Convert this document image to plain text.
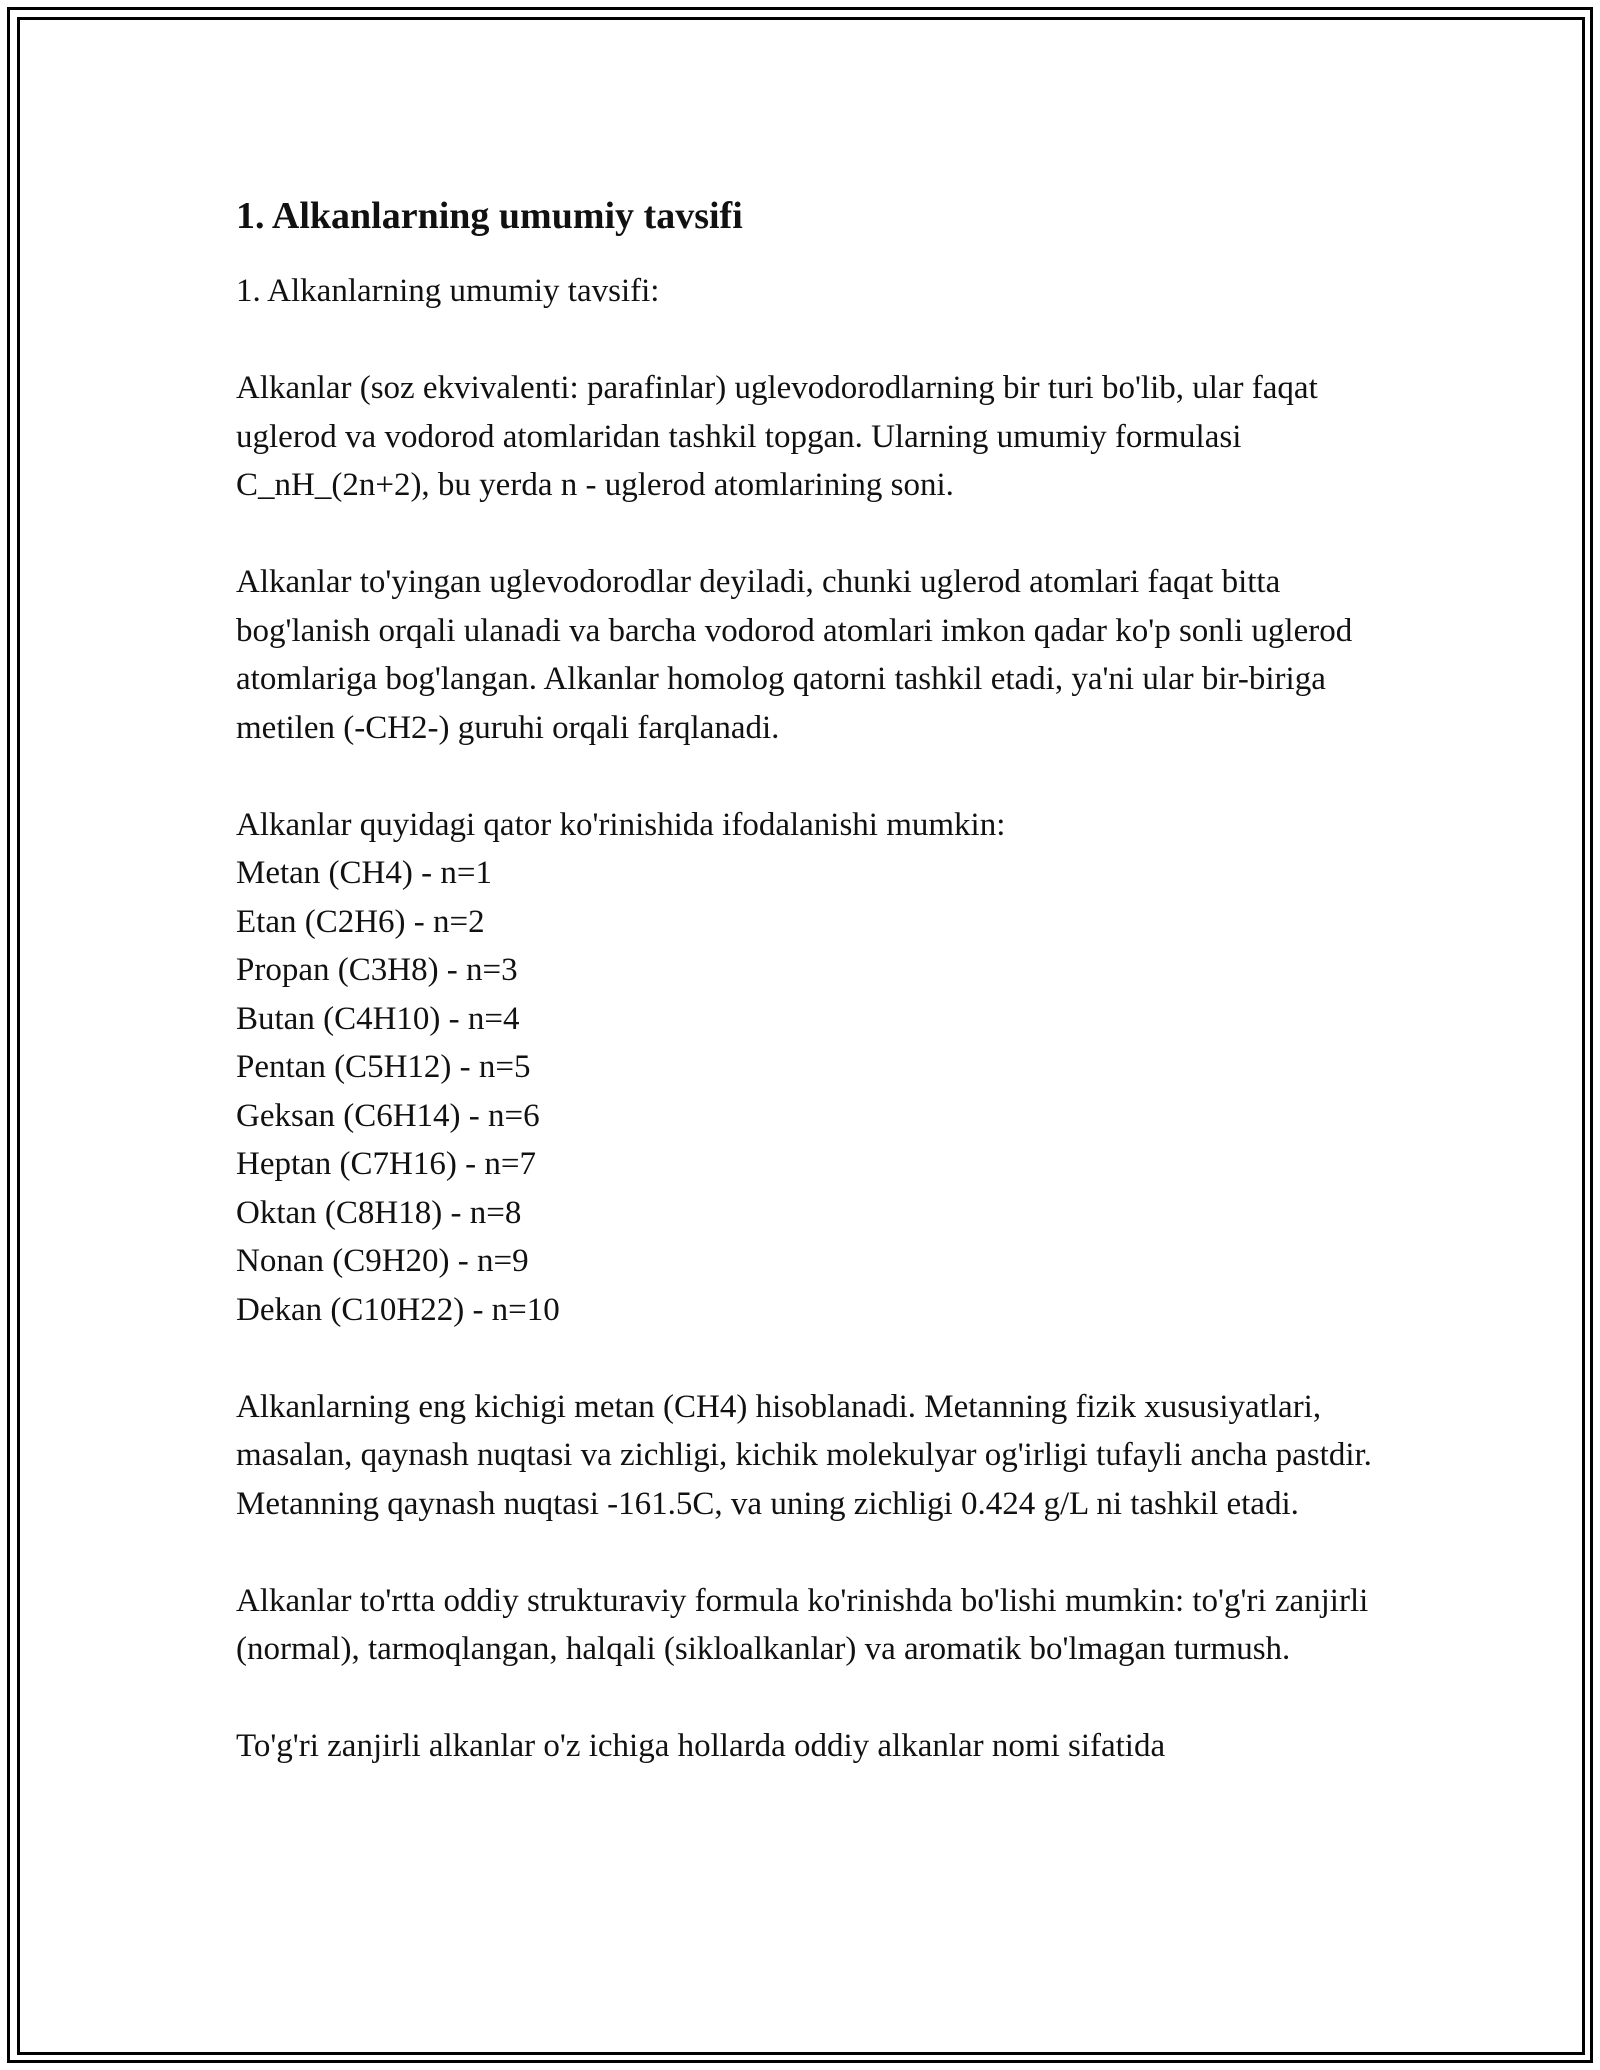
1. Alkanlarning umumiy tavsifi

1. Alkanlarning umumiy tavsifi:

Alkanlar (soz ekvivalenti: parafinlar) uglevodorodlarning bir turi bo'lib, ular faqat uglerod va vodorod atomlaridan tashkil topgan. Ularning umumiy formulasi C_nH_(2n+2), bu yerda n - uglerod atomlarining soni.

Alkanlar to'yingan uglevodorodlar deyiladi, chunki uglerod atomlari faqat bitta bog'lanish orqali ulanadi va barcha vodorod atomlari imkon qadar ko'p sonli uglerod atomlariga bog'langan. Alkanlar homolog qatorni tashkil etadi, ya'ni ular bir-biriga metilen (-CH2-) guruhi orqali farqlanadi.

Alkanlar quyidagi qator ko'rinishida ifodalanishi mumkin:

Metan (CH4) - n=1
Etan (C2H6) - n=2
Propan (C3H8) - n=3
Butan (C4H10) - n=4
Pentan (C5H12) - n=5
Geksan (C6H14) - n=6
Heptan (C7H16) - n=7
Oktan (C8H18) - n=8
Nonan (C9H20) - n=9
Dekan (C10H22) - n=10

Alkanlarning eng kichigi metan (CH4) hisoblanadi. Metanning fizik xususiyatlari, masalan, qaynash nuqtasi va zichligi, kichik molekulyar og'irligi tufayli ancha pastdir. Metanning qaynash nuqtasi -161.5C, va uning zichligi 0.424 g/L ni tashkil etadi.

Alkanlar to'rtta oddiy strukturaviy formula ko'rinishda bo'lishi mumkin: to'g'ri zanjirli (normal), tarmoqlangan, halqali (sikloalkanlar) va aromatik bo'lmagan turmush.

To'g'ri zanjirli alkanlar o'z ichiga hollarda oddiy alkanlar nomi sifatida
